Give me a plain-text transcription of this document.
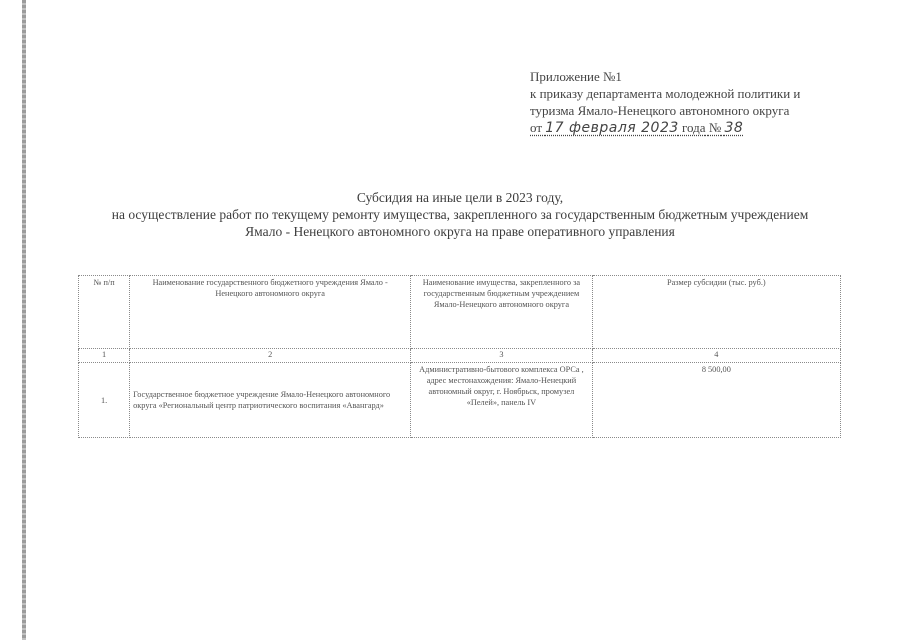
Приложение №1
к приказу департамента молодежной политики и
туризма Ямало-Ненецкого автономного округа
от 17 февраля 2023 года № 38
Субсидия на иные цели в 2023 году,
на осуществление работ по текущему ремонту имущества, закрепленного за государственным бюджетным учреждением
Ямало - Ненецкого автономного округа на праве оперативного управления
№ п/п	Наименование государственного бюджетного учреждения Ямало - Ненецкого автономного округа	Наименование имущества, закрепленного за государственным бюджетным учреждением Ямало-Ненецкого автономного округа	Размер субсидии (тыс. руб.)
1	2	3	4
1.	Государственное бюджетное учреждение Ямало-Ненецкого автономного округа «Региональный центр патриотического воспитания «Авангард»	Административно-бытового комплекса ОРСа , адрес местонахождения: Ямало-Ненецкий автономный округ, г. Ноябрьск, промузел «Пелей», панель IV	8 500,00
